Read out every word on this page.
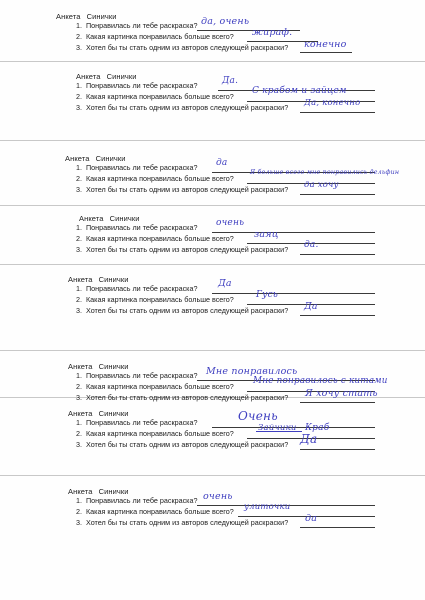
Анкета Синички
1. Понравилась ли тебе раскраска? да, очень
2. Какая картинка понравилась больше всего? жираф.
3. Хотел бы ты стать одним из авторов следующей раскраски? конечно
Анкета Синички
1. Понравилась ли тебе раскраска?	Да.
2. Какая картинка понравилась больше всего?
С крабом и зайцем
3. Хотел бы ты стать одним из авторов следующей раскраски? Да, конечно
Анкета Синички
1. Понравилась ли тебе раскраска? да
2. Какая картинка понравилась больше всего?
Я больше всего мне понравились дельфин
3. Хотел бы ты стать одним из авторов следующей раскраски? да хочу
Анкета Синички
1. Понравилась ли тебе раскраска? очень
2. Какая картинка понравилась больше всего? заяц
3. Хотел бы ты стать одним из авторов следующей раскраски? да.
Анкета Синички
1. Понравилась ли тебе раскраска? Да
2. Какая картинка понравилась больше всего? Гусь
3. Хотел бы ты стать одним из авторов следующей раскраски? Да
Анкета Синички
1. Понравилась ли тебе раскраска? Мне понравилось
2. Какая картинка понравилась больше всего?
Мне понравилось с китами
3. Хотел бы ты стать одним из авторов следующей раскраски? Я хочу стать
Анкета Синички
1. Понравилась ли тебе раскраска?	Очень
2. Какая картинка понравилась больше всего?
Зайчики Краб
3. Хотел бы ты стать одним из авторов следующей раскраски? Да
Анкета Синички
1. Понравилась ли тебе раскраска? очень
2. Какая картинка понравилась больше всего? улиточки
3. Хотел бы ты стать одним из авторов следующей раскраски? да
